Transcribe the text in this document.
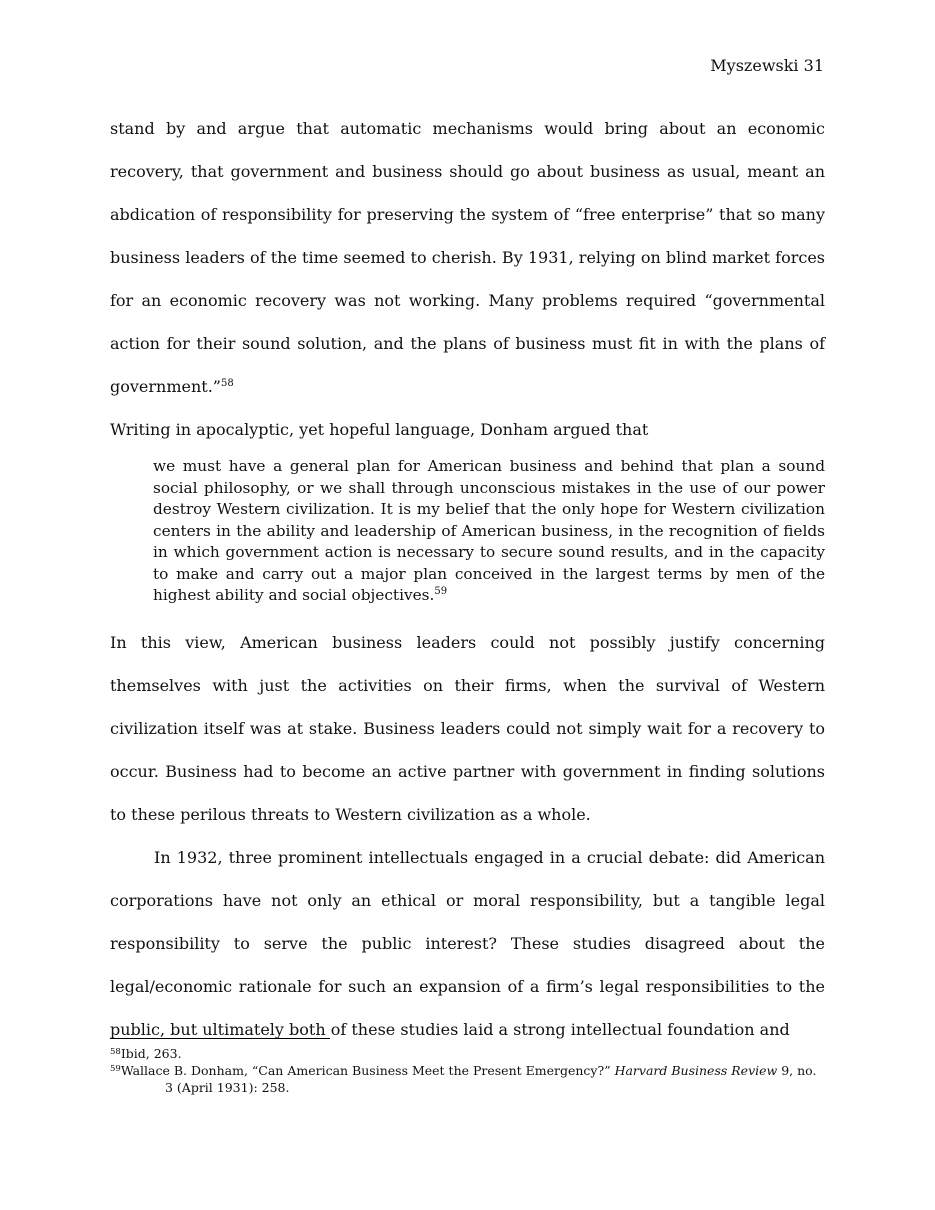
Myszewski 31

stand by and argue that automatic mechanisms would bring about an economic recovery, that government and business should go about business as usual, meant an abdication of responsibility for preserving the system of “free enterprise” that so many business leaders of the time seemed to cherish. By 1931, relying on blind market forces for an economic recovery was not working. Many problems required “governmental action for their sound solution, and the plans of business must fit in with the plans of government.”$^{58}$

Writing in apocalyptic, yet hopeful language, Donham argued that

we must have a general plan for American business and behind that plan a sound social philosophy, or we shall through unconscious mistakes in the use of our power destroy Western civilization. It is my belief that the only hope for Western civilization centers in the ability and leadership of American business, in the recognition of fields in which government action is necessary to secure sound results, and in the capacity to make and carry out a major plan conceived in the largest terms by men of the highest ability and social objectives.$^{59}$

In this view, American business leaders could not possibly justify concerning themselves with just the activities on their firms, when the survival of Western civilization itself was at stake. Business leaders could not simply wait for a recovery to occur. Business had to become an active partner with government in finding solutions to these perilous threats to Western civilization as a whole.

In 1932, three prominent intellectuals engaged in a crucial debate: did American corporations have not only an ethical or moral responsibility, but a tangible legal responsibility to serve the public interest? These studies disagreed about the legal/economic rationale for such an expansion of a firm’s legal responsibilities to the public, but ultimately both of these studies laid a strong intellectual foundation and

$^{58}$Ibid, 263.

$^{59}$Wallace B. Donham, “Can American Business Meet the Present Emergency?” Harvard Business Review 9, no.
3 (April 1931): 258.
